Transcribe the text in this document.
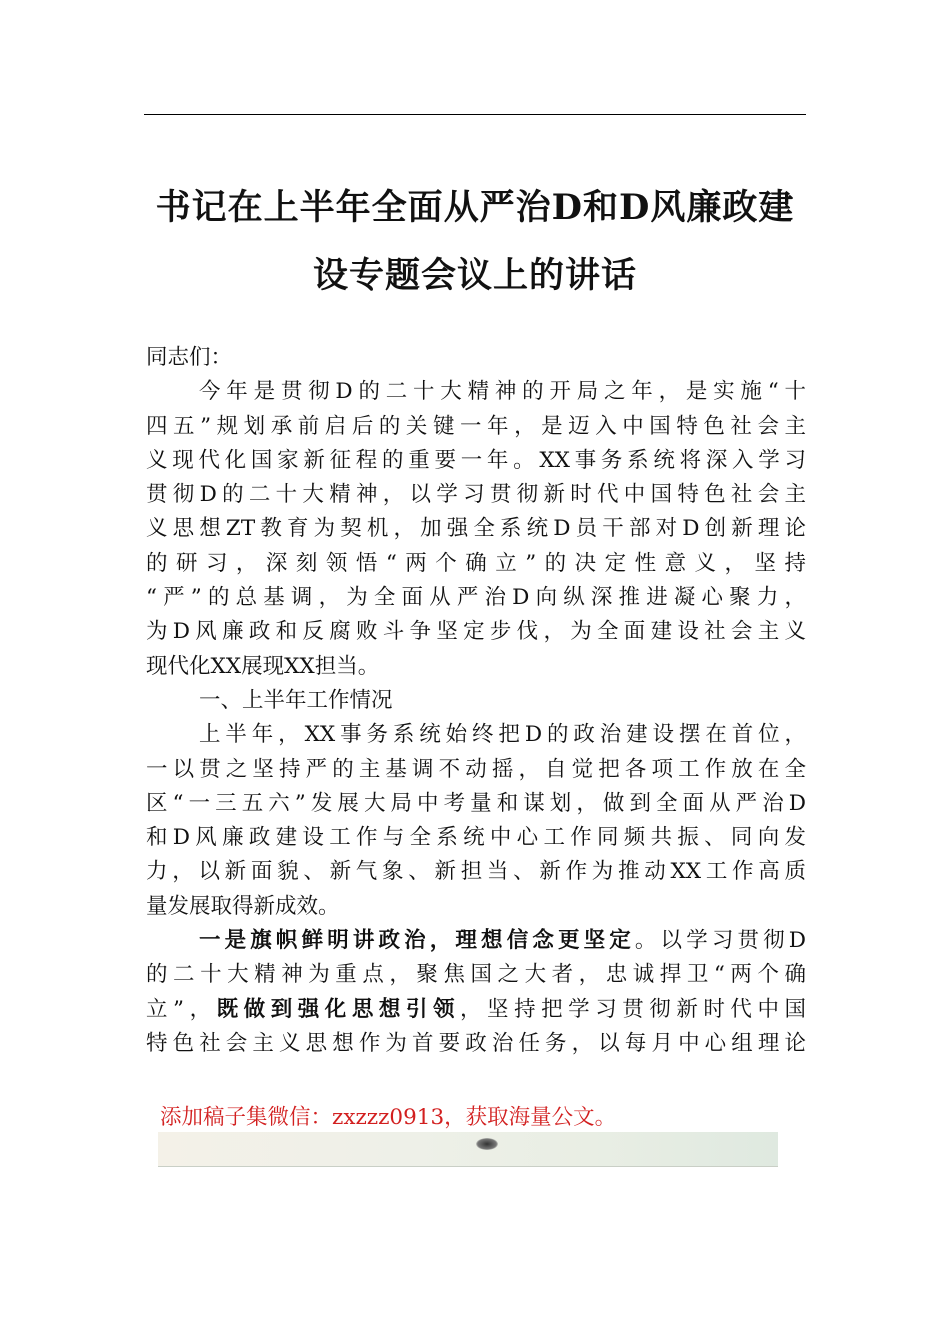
书记在上半年全面从严治D和D风廉政建
设专题会议上的讲话
同志们：
今年是贯彻D的二十大精神的开局之年，是实施“十
四五”规划承前启后的关键一年，是迈入中国特色社会主
义现代化国家新征程的重要一年。XX事务系统将深入学习
贯彻D的二十大精神，以学习贯彻新时代中国特色社会主
义思想ZT教育为契机，加强全系统D员干部对D创新理论
的研习，深刻领悟“两个确立”的决定性意义，坚持
“严”的总基调，为全面从严治D向纵深推进凝心聚力，
为D风廉政和反腐败斗争坚定步伐，为全面建设社会主义
现代化XX展现XX担当。
一、上半年工作情况
上半年，XX事务系统始终把D的政治建设摆在首位，
一以贯之坚持严的主基调不动摇，自觉把各项工作放在全
区“一三五六”发展大局中考量和谋划，做到全面从严治D
和D风廉政建设工作与全系统中心工作同频共振、同向发
力，以新面貌、新气象、新担当、新作为推动XX工作高质
量发展取得新成效。
一是旗帜鲜明讲政治，理想信念更坚定。以学习贯彻D
的二十大精神为重点，聚焦国之大者，忠诚捍卫“两个确
立”，既做到强化思想引领，坚持把学习贯彻新时代中国
特色社会主义思想作为首要政治任务，以每月中心组理论
添加稿子集微信：zxzzz0913，获取海量公文。
